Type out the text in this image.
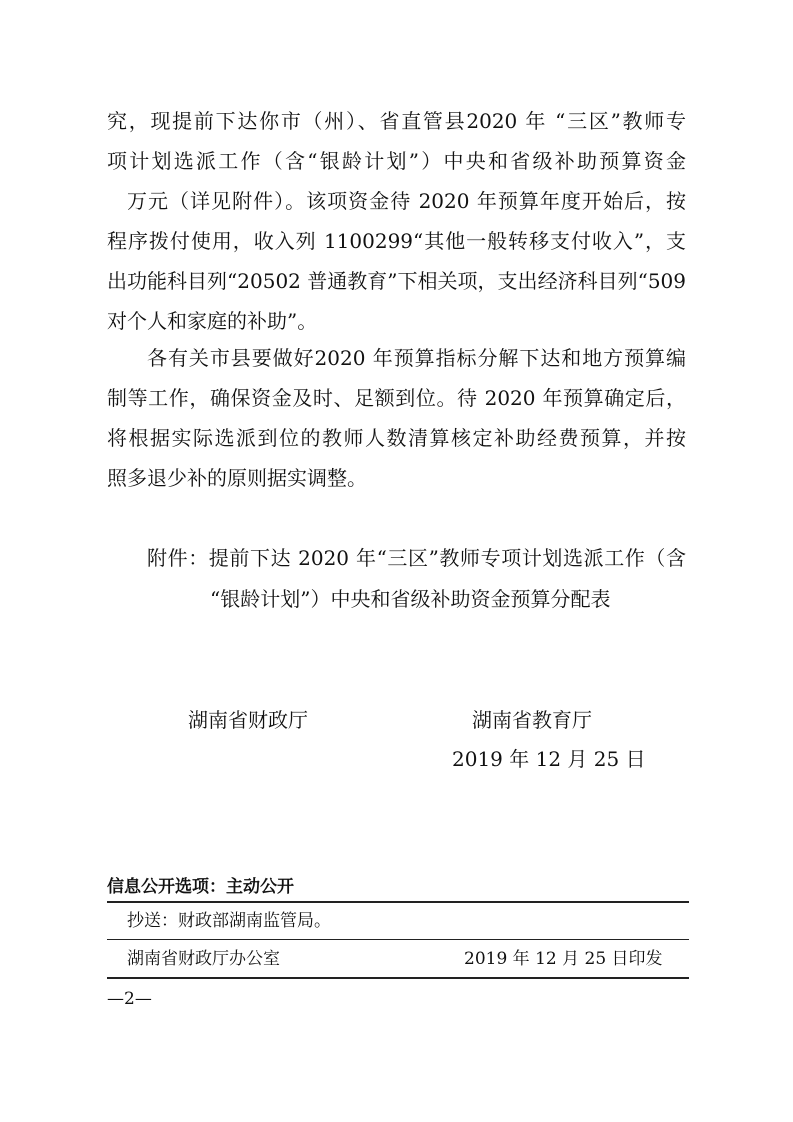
究，现提前下达你市（州）、省直管县2020 年 “三区”教师专
项计划选派工作（含“银龄计划”）中央和省级补助预算资金
万元（详见附件）。该项资金待 2020 年预算年度开始后，按
程序拨付使用，收入列 1100299“其他一般转移支付收入”，支
出功能科目列“20502 普通教育”下相关项，支出经济科目列“509
对个人和家庭的补助”。
各有关市县要做好2020 年预算指标分解下达和地方预算编
制等工作，确保资金及时、足额到位。待 2020 年预算确定后，
将根据实际选派到位的教师人数清算核定补助经费预算，并按
照多退少补的原则据实调整。
附件：提前下达 2020 年“三区”教师专项计划选派工作（含
“银龄计划”）中央和省级补助资金预算分配表
湖南省财政厅	湖南省教育厅
2019 年 12 月 25 日
信息公开选项：主动公开
抄送：财政部湖南监管局。
湖南省财政厅办公室	2019 年 12 月 25 日印发
—2—
